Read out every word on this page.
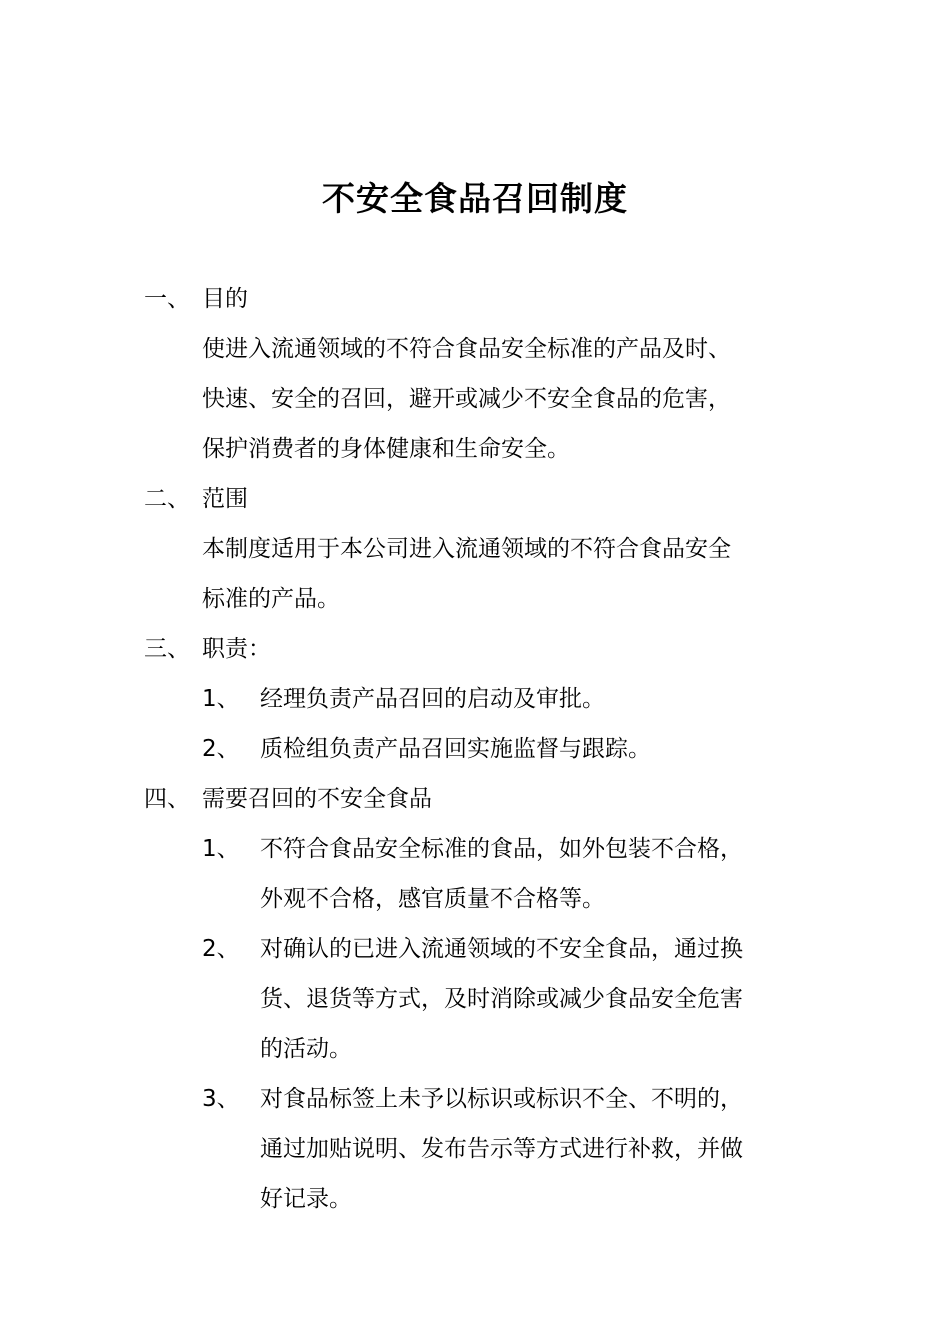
不安全食品召回制度
一、 目的
使进入流通领域的不符合食品安全标准的产品及时、
快速、安全的召回，避开或减少不安全食品的危害，
保护消费者的身体健康和生命安全。
二、 范围
本制度适用于本公司进入流通领域的不符合食品安全
标准的产品。
三、 职责：
1、 经理负责产品召回的启动及审批。
2、 质检组负责产品召回实施监督与跟踪。
四、 需要召回的不安全食品
1、 不符合食品安全标准的食品，如外包装不合格，
外观不合格，感官质量不合格等。
2、 对确认的已进入流通领域的不安全食品，通过换
货、退货等方式，及时消除或减少食品安全危害
的活动。
3、 对食品标签上未予以标识或标识不全、不明的，
通过加贴说明、发布告示等方式进行补救，并做
好记录。
